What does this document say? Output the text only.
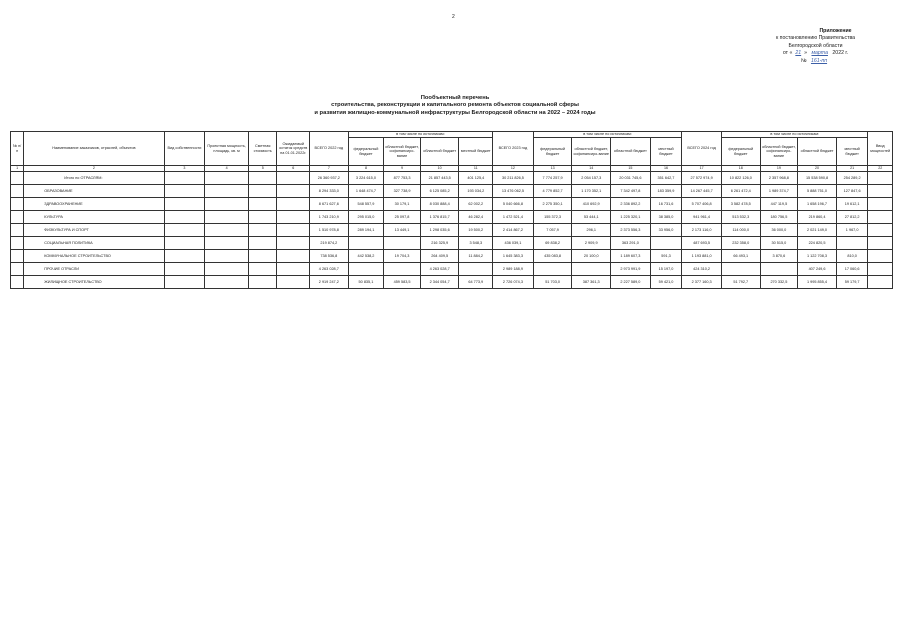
2
Приложение
к постановлению Правительства
Белгородской области
от « 21 » марта 2022 г.
№ 161-пп
Пообъектный перечень
строительства, реконструкции и капитального ремонта объектов социальной сферы
и развития жилищно-коммунальной инфраструктуры Белгородской области на 2022 – 2024 годы
№ п/п	Наименование заказчиков, отраслей, объектов	Вид собственности	Проектная мощность, площадь, кв. м	Сметная стоимость	Ожидаемый остаток средств на 01.01.2022г.	ВСЕГО 2022 год	в том числе по источникам:				ВСЕГО 2023 год	в том числе по источникам:				ВСЕГО 2024 год	в том числе по источникам:				Ввод мощностей
							федеральный бюджет	областной бюджет, софинансиро-вание	областной бюджет	местный бюджет		федеральный бюджет	областной бюджет, софинансиро-вание	областной бюджет	местный бюджет		федеральный бюджет	областной бюджет, софинансиро-вание	областной бюджет	местный бюджет	
1	2	3	4	5	6	7	8	9	10	11	12	13	14	15	16	17	18	19	20	21	22
	Итого по ОТРАСЛЯМ:					26 360 937,2	3 224 615,0	877 753,3	21 857 443,5	401 125,4	30 211 826,5	7 774 257,9	2 054 157,3	20 031 745,6	351 642,7	27 572 974,9	10 822 126,0	2 357 968,8	15 538 590,8	254 289,2	
	ОБРАЗОВАНИЕ					8 294 333,0	1 648 474,7	327 738,9	6 125 085,2	193 034,2	13 476 062,5	4 779 852,7	1 170 352,1	7 342 497,8	183 359,9	14 267 445,7	6 261 472,4	1 989 374,7	5 888 751,0	127 847,6	
	ЗДРАВООХРАНЕНИЕ					8 671 627,6	548 557,9	30 179,1	8 030 888,4	62 002,2	5 040 666,8	2 275 350,1	410 692,9	2 336 892,2	16 731,6	5 707 406,8	3 582 478,5	447 119,5	1 658 196,7	19 612,1	
	КУЛЬТУРА					1 743 210,9	295 015,0	25 097,8	1 376 815,7	46 282,4	1 472 521,4	155 372,3	53 444,1	1 225 320,1	38 385,0	941 961,4	513 532,3	180 756,5	219 860,4	27 812,2	
	ФИЗКУЛЬТУРА И СПОРТ					1 510 978,8	289 194,1	13 449,1	1 298 035,6	19 500,2	2 414 867,2	7 057,9	296,1	2 373 556,3	33 956,0	2 173 116,0	114 000,0	36 000,0	2 021 149,0	1 967,0	
	СОЦИАЛЬНАЯ ПОЛИТИКА					219 874,2			216 325,9	3 548,3	436 039,1	69 838,2	2 909,9	363 291,0		487 693,5	232 358,0	30 515,0	224 820,5		
	КОММУНАЛЬНОЕ СТРОИТЕЛЬСТВО					738 536,8	442 538,2	19 704,3	264 409,5	11 884,2	1 645 383,3	435 083,8	20 100,0	1 189 607,3	591,3	1 193 881,0	66 493,1	3 870,6	1 122 708,3	810,0	
	ПРОЧИЕ ОТРАСЛИ					4 263 028,7			4 263 028,7		2 989 188,9			2 973 991,9	15 197,0	424 310,2			407 249,6	17 060,6	
	ЖИЛИЩНОЕ СТРОИТЕЛЬСТВО					2 919 247,2	50 835,1	459 583,5	2 344 054,7	64 773,9	2 726 074,3	51 703,0	387 361,3	2 227 589,0	59 421,0	2 377 160,3	51 792,7	270 332,5	1 995 855,4	59 179,7	
